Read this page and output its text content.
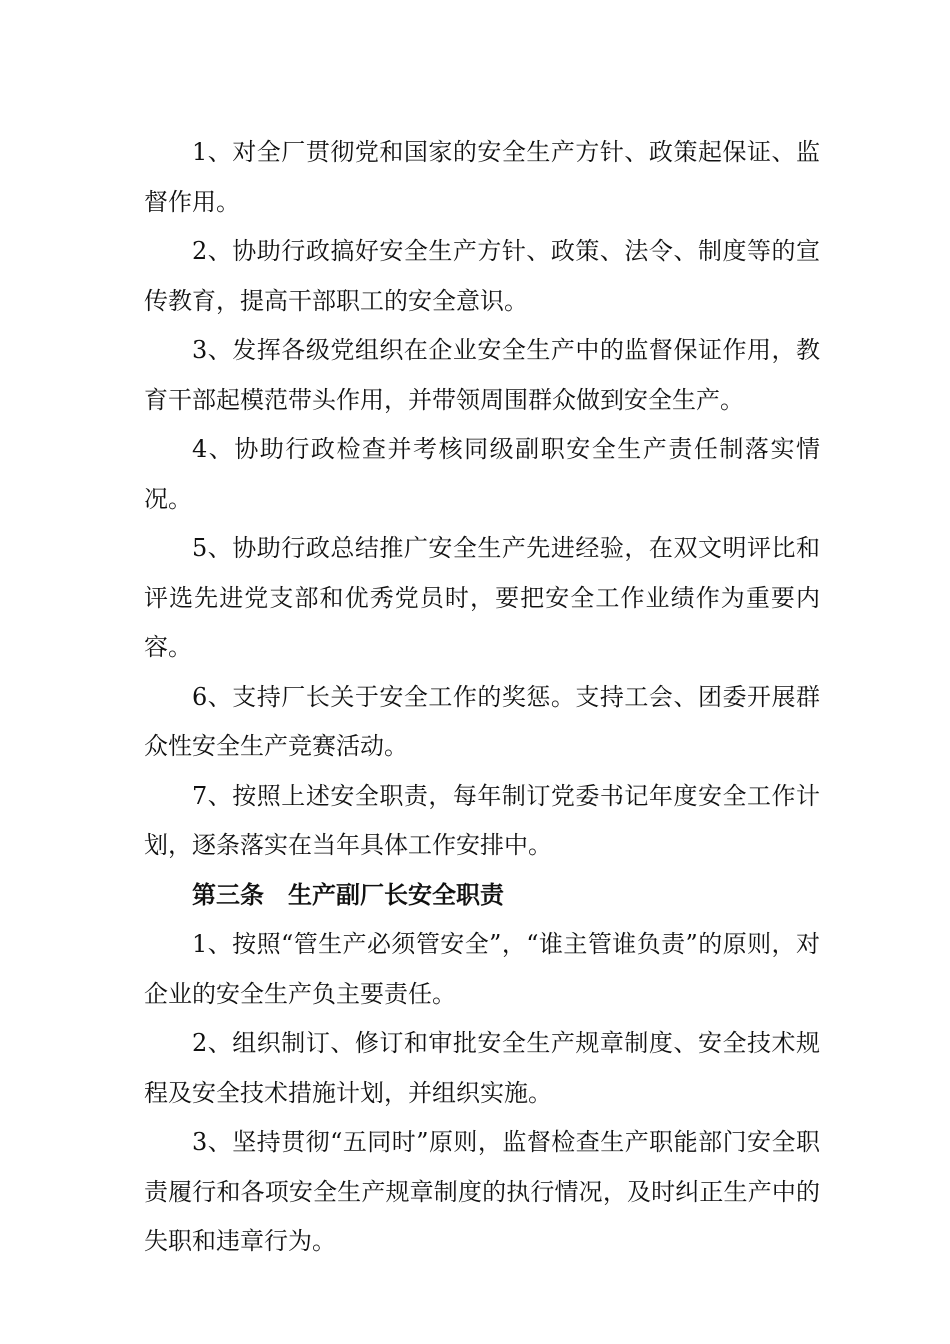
1、对全厂贯彻党和国家的安全生产方针、政策起保证、监督作用。

2、协助行政搞好安全生产方针、政策、法令、制度等的宣传教育，提高干部职工的安全意识。

3、发挥各级党组织在企业安全生产中的监督保证作用，教育干部起模范带头作用，并带领周围群众做到安全生产。

4、协助行政检查并考核同级副职安全生产责任制落实情况。

5、协助行政总结推广安全生产先进经验，在双文明评比和评选先进党支部和优秀党员时，要把安全工作业绩作为重要内容。

6、支持厂长关于安全工作的奖惩。支持工会、团委开展群众性安全生产竞赛活动。

7、按照上述安全职责，每年制订党委书记年度安全工作计划，逐条落实在当年具体工作安排中。

第三条　生产副厂长安全职责

1、按照“管生产必须管安全”，“谁主管谁负责”的原则，对企业的安全生产负主要责任。

2、组织制订、修订和审批安全生产规章制度、安全技术规程及安全技术措施计划，并组织实施。

3、坚持贯彻“五同时”原则，监督检查生产职能部门安全职责履行和各项安全生产规章制度的执行情况，及时纠正生产中的失职和违章行为。
